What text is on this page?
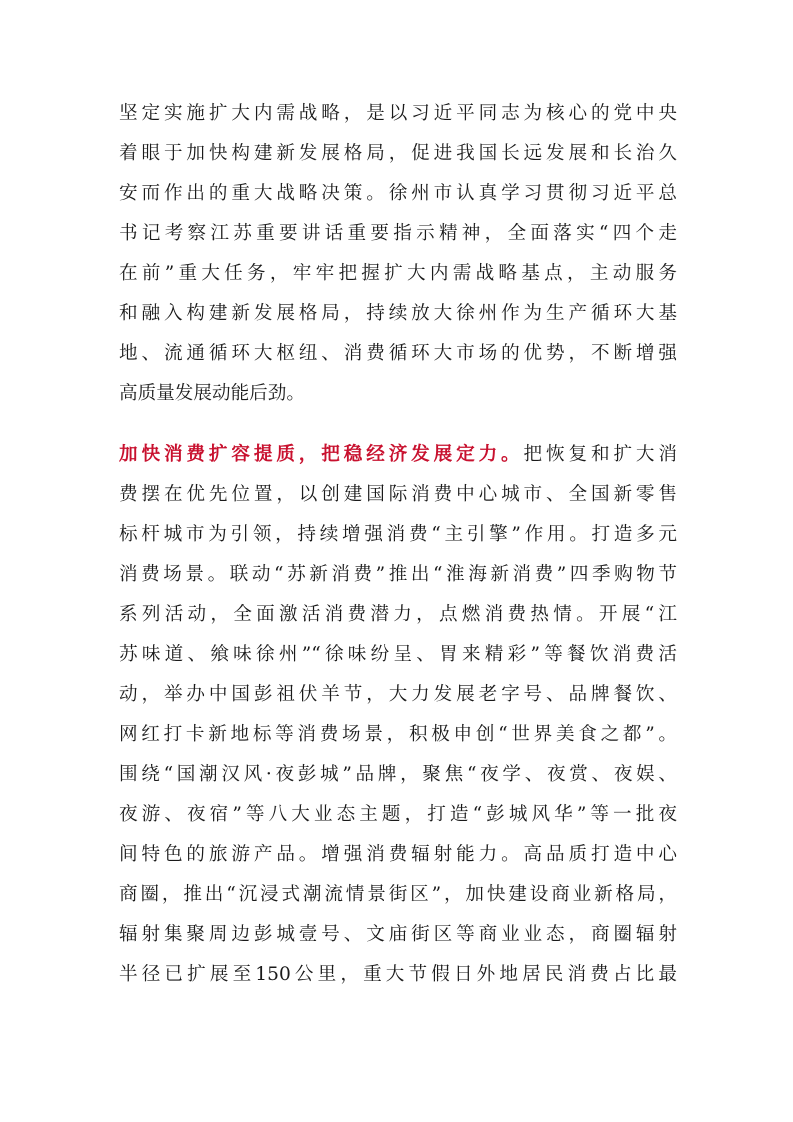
坚定实施扩大内需战略，是以习近平同志为核心的党中央
着眼于加快构建新发展格局，促进我国长远发展和长治久
安而作出的重大战略决策。徐州市认真学习贯彻习近平总
书记考察江苏重要讲话重要指示精神，全面落实“四个走
在前”重大任务，牢牢把握扩大内需战略基点，主动服务
和融入构建新发展格局，持续放大徐州作为生产循环大基
地、流通循环大枢纽、消费循环大市场的优势，不断增强
高质量发展动能后劲。
加快消费扩容提质，把稳经济发展定力。把恢复和扩大消
费摆在优先位置，以创建国际消费中心城市、全国新零售
标杆城市为引领，持续增强消费“主引擎”作用。打造多元
消费场景。联动“苏新消费”推出“淮海新消费”四季购物节
系列活动，全面激活消费潜力，点燃消费热情。开展“江
苏味道、飨味徐州”“徐味纷呈、胃来精彩”等餐饮消费活
动，举办中国彭祖伏羊节，大力发展老字号、品牌餐饮、
网红打卡新地标等消费场景，积极申创“世界美食之都”。
围绕“国潮汉风·夜彭城”品牌，聚焦“夜学、夜赏、夜娱、
夜游、夜宿”等八大业态主题，打造“彭城风华”等一批夜
间特色的旅游产品。增强消费辐射能力。高品质打造中心
商圈，推出“沉浸式潮流情景街区”，加快建设商业新格局，
辐射集聚周边彭城壹号、文庙街区等商业业态，商圈辐射
半径已扩展至150公里，重大节假日外地居民消费占比最
